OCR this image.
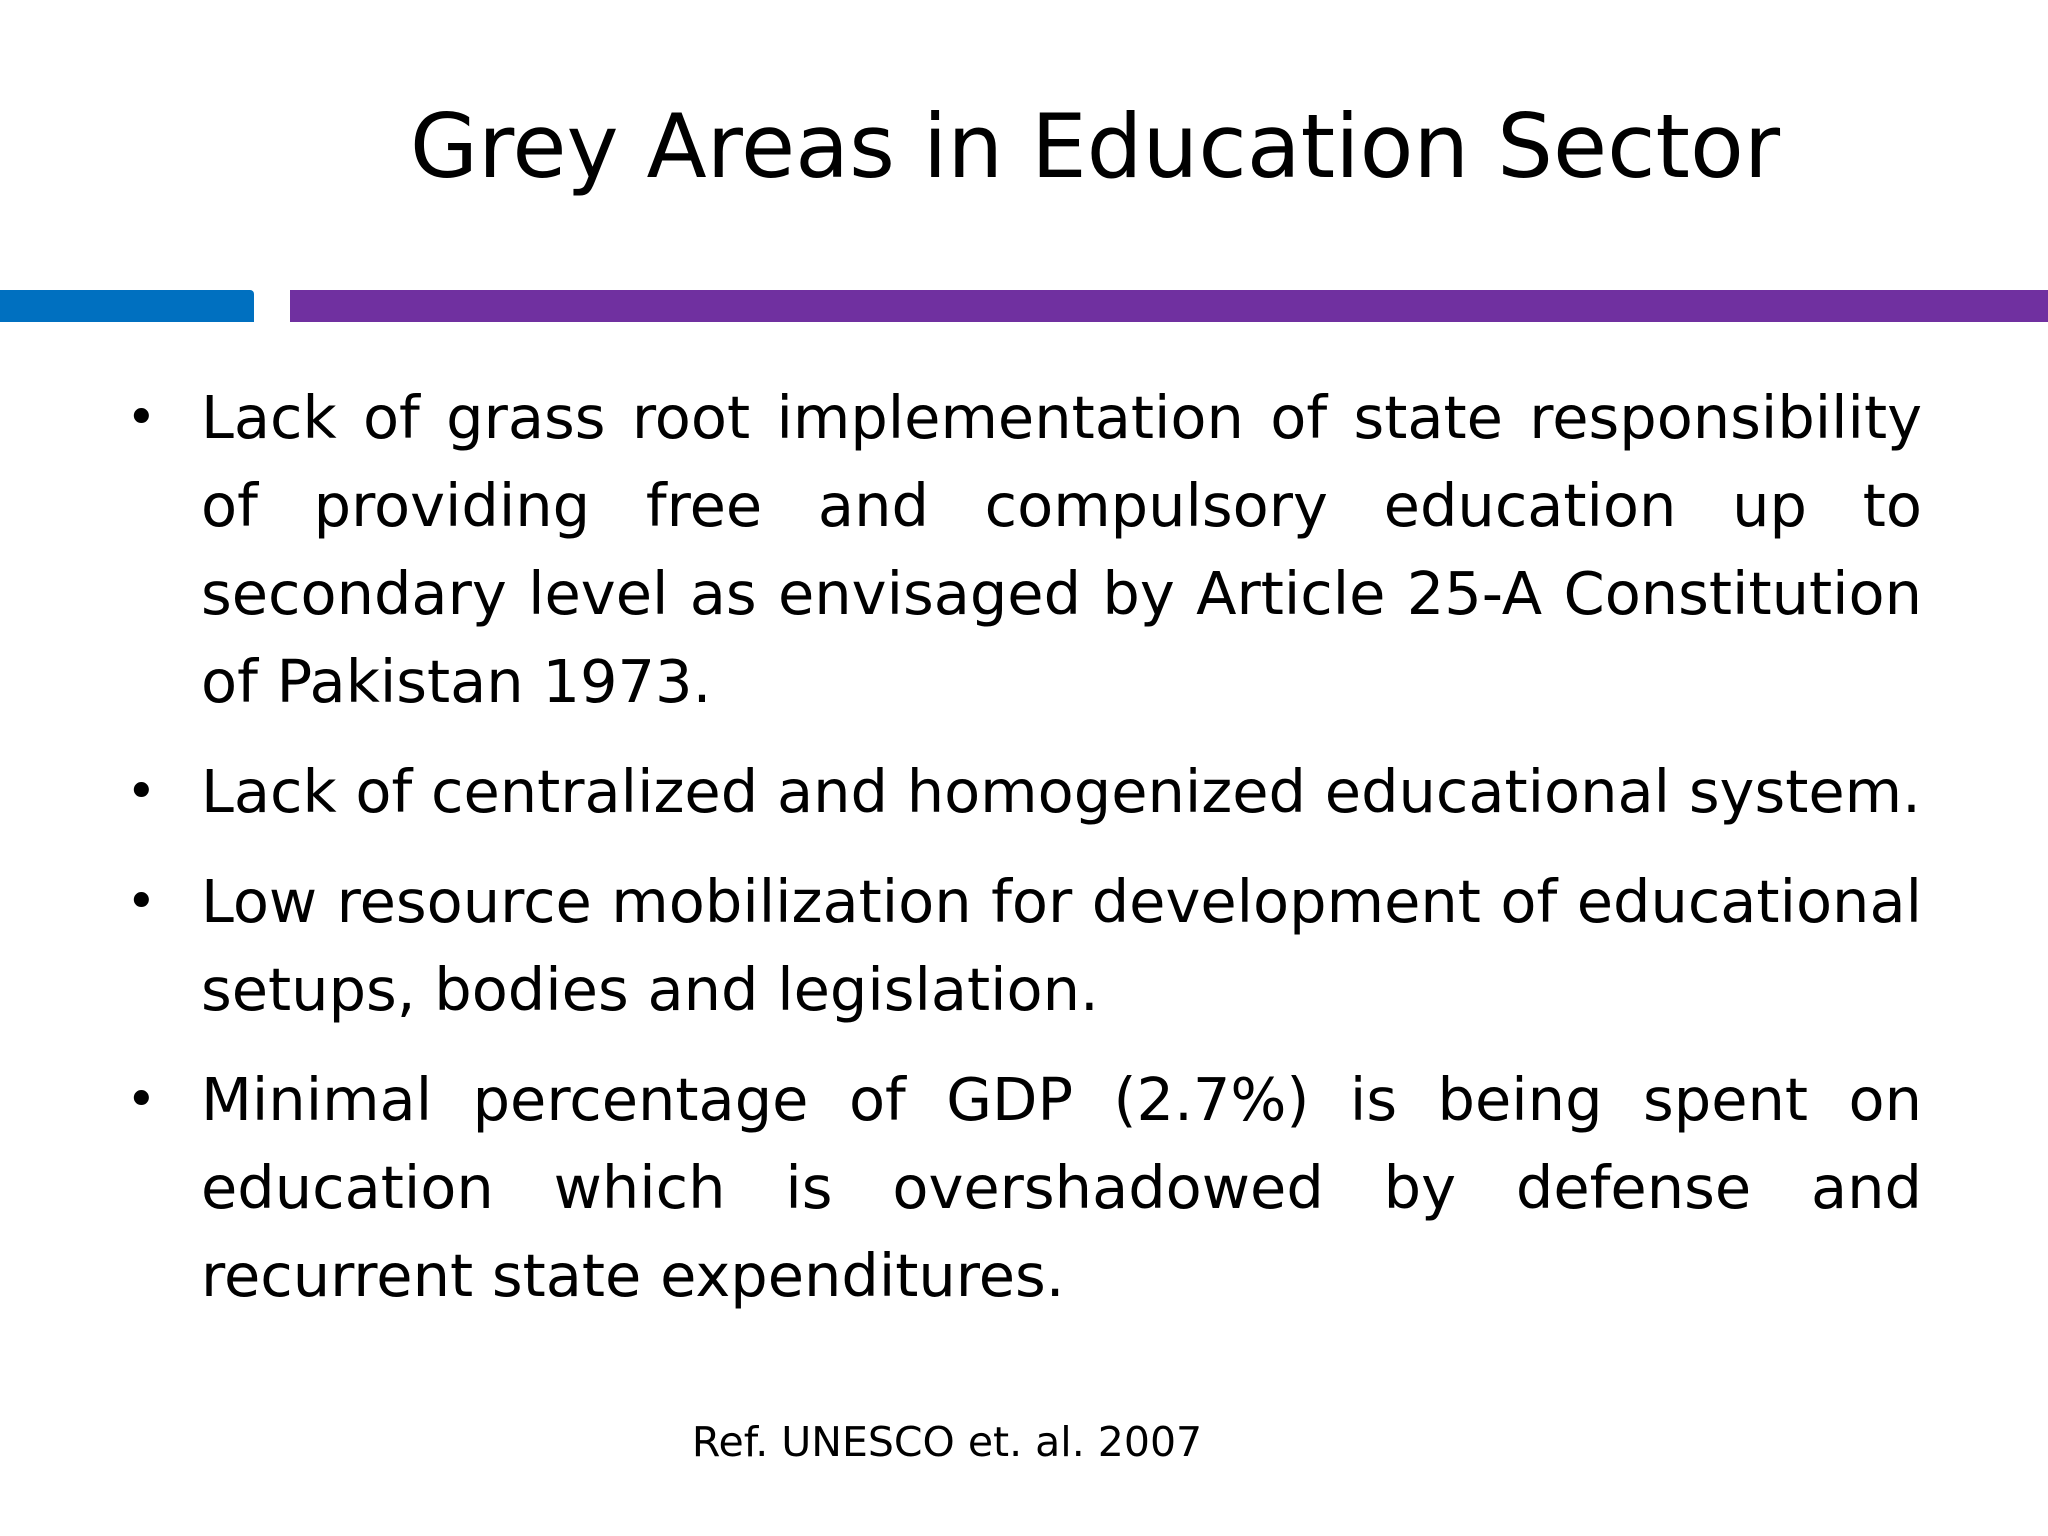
Grey Areas in Education Sector
• Lack of grass root implementation of state responsibility of providing free and compulsory education up to secondary level as envisaged by Article 25-A Constitution of Pakistan 1973.
• Lack of centralized and homogenized educational system.
• Low resource mobilization for development of educational setups, bodies and legislation.
• Minimal percentage of GDP (2.7%) is being spent on education which is overshadowed by defense and recurrent state expenditures.
Ref. UNESCO et. al. 2007
